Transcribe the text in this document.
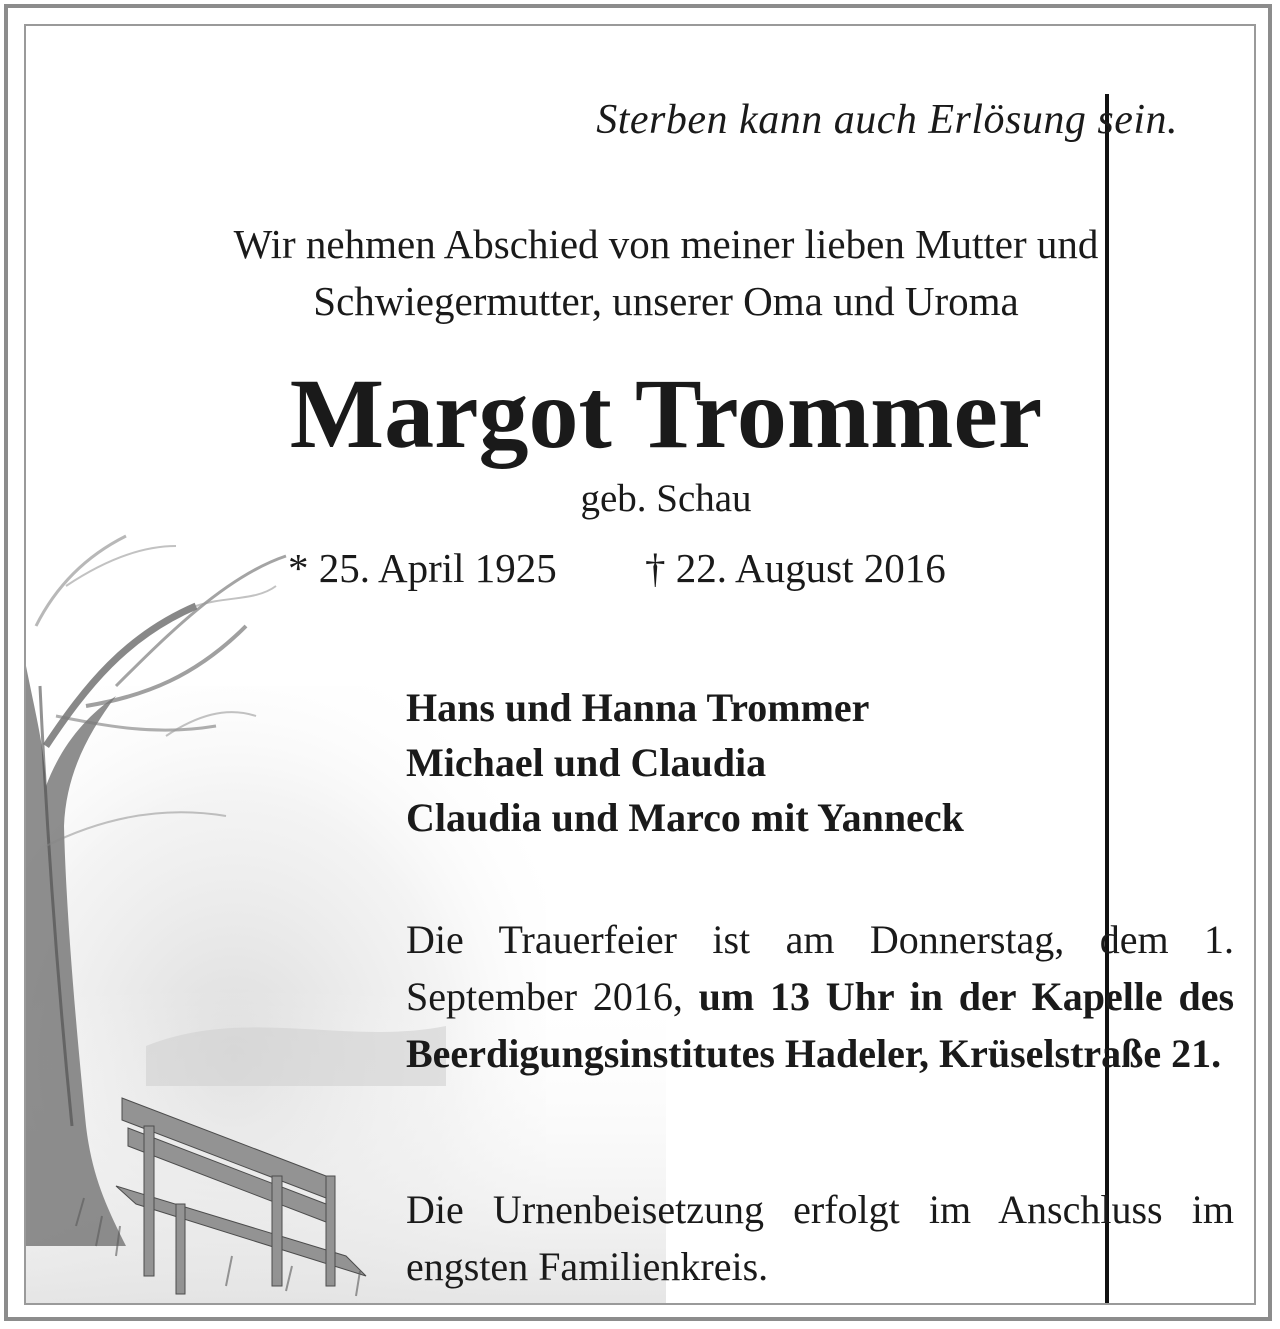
Sterben kann auch Erlösung sein.
Wir nehmen Abschied von meiner lieben Mutter und
Schwiegermutter, unserer Oma und Uroma
Margot Trommer
geb. Schau
* 25. April 1925 † 22. August 2016
Hans und Hanna Trommer
Michael und Claudia
Claudia und Marco mit Yanneck
Die Trauerfeier ist am Donnerstag, dem 1. September 2016, um 13 Uhr in der Kapelle des Beerdigungsinstitutes Hadeler, Krüselstraße 21.
Die Urnenbeisetzung erfolgt im Anschluss im engsten Familienkreis.
